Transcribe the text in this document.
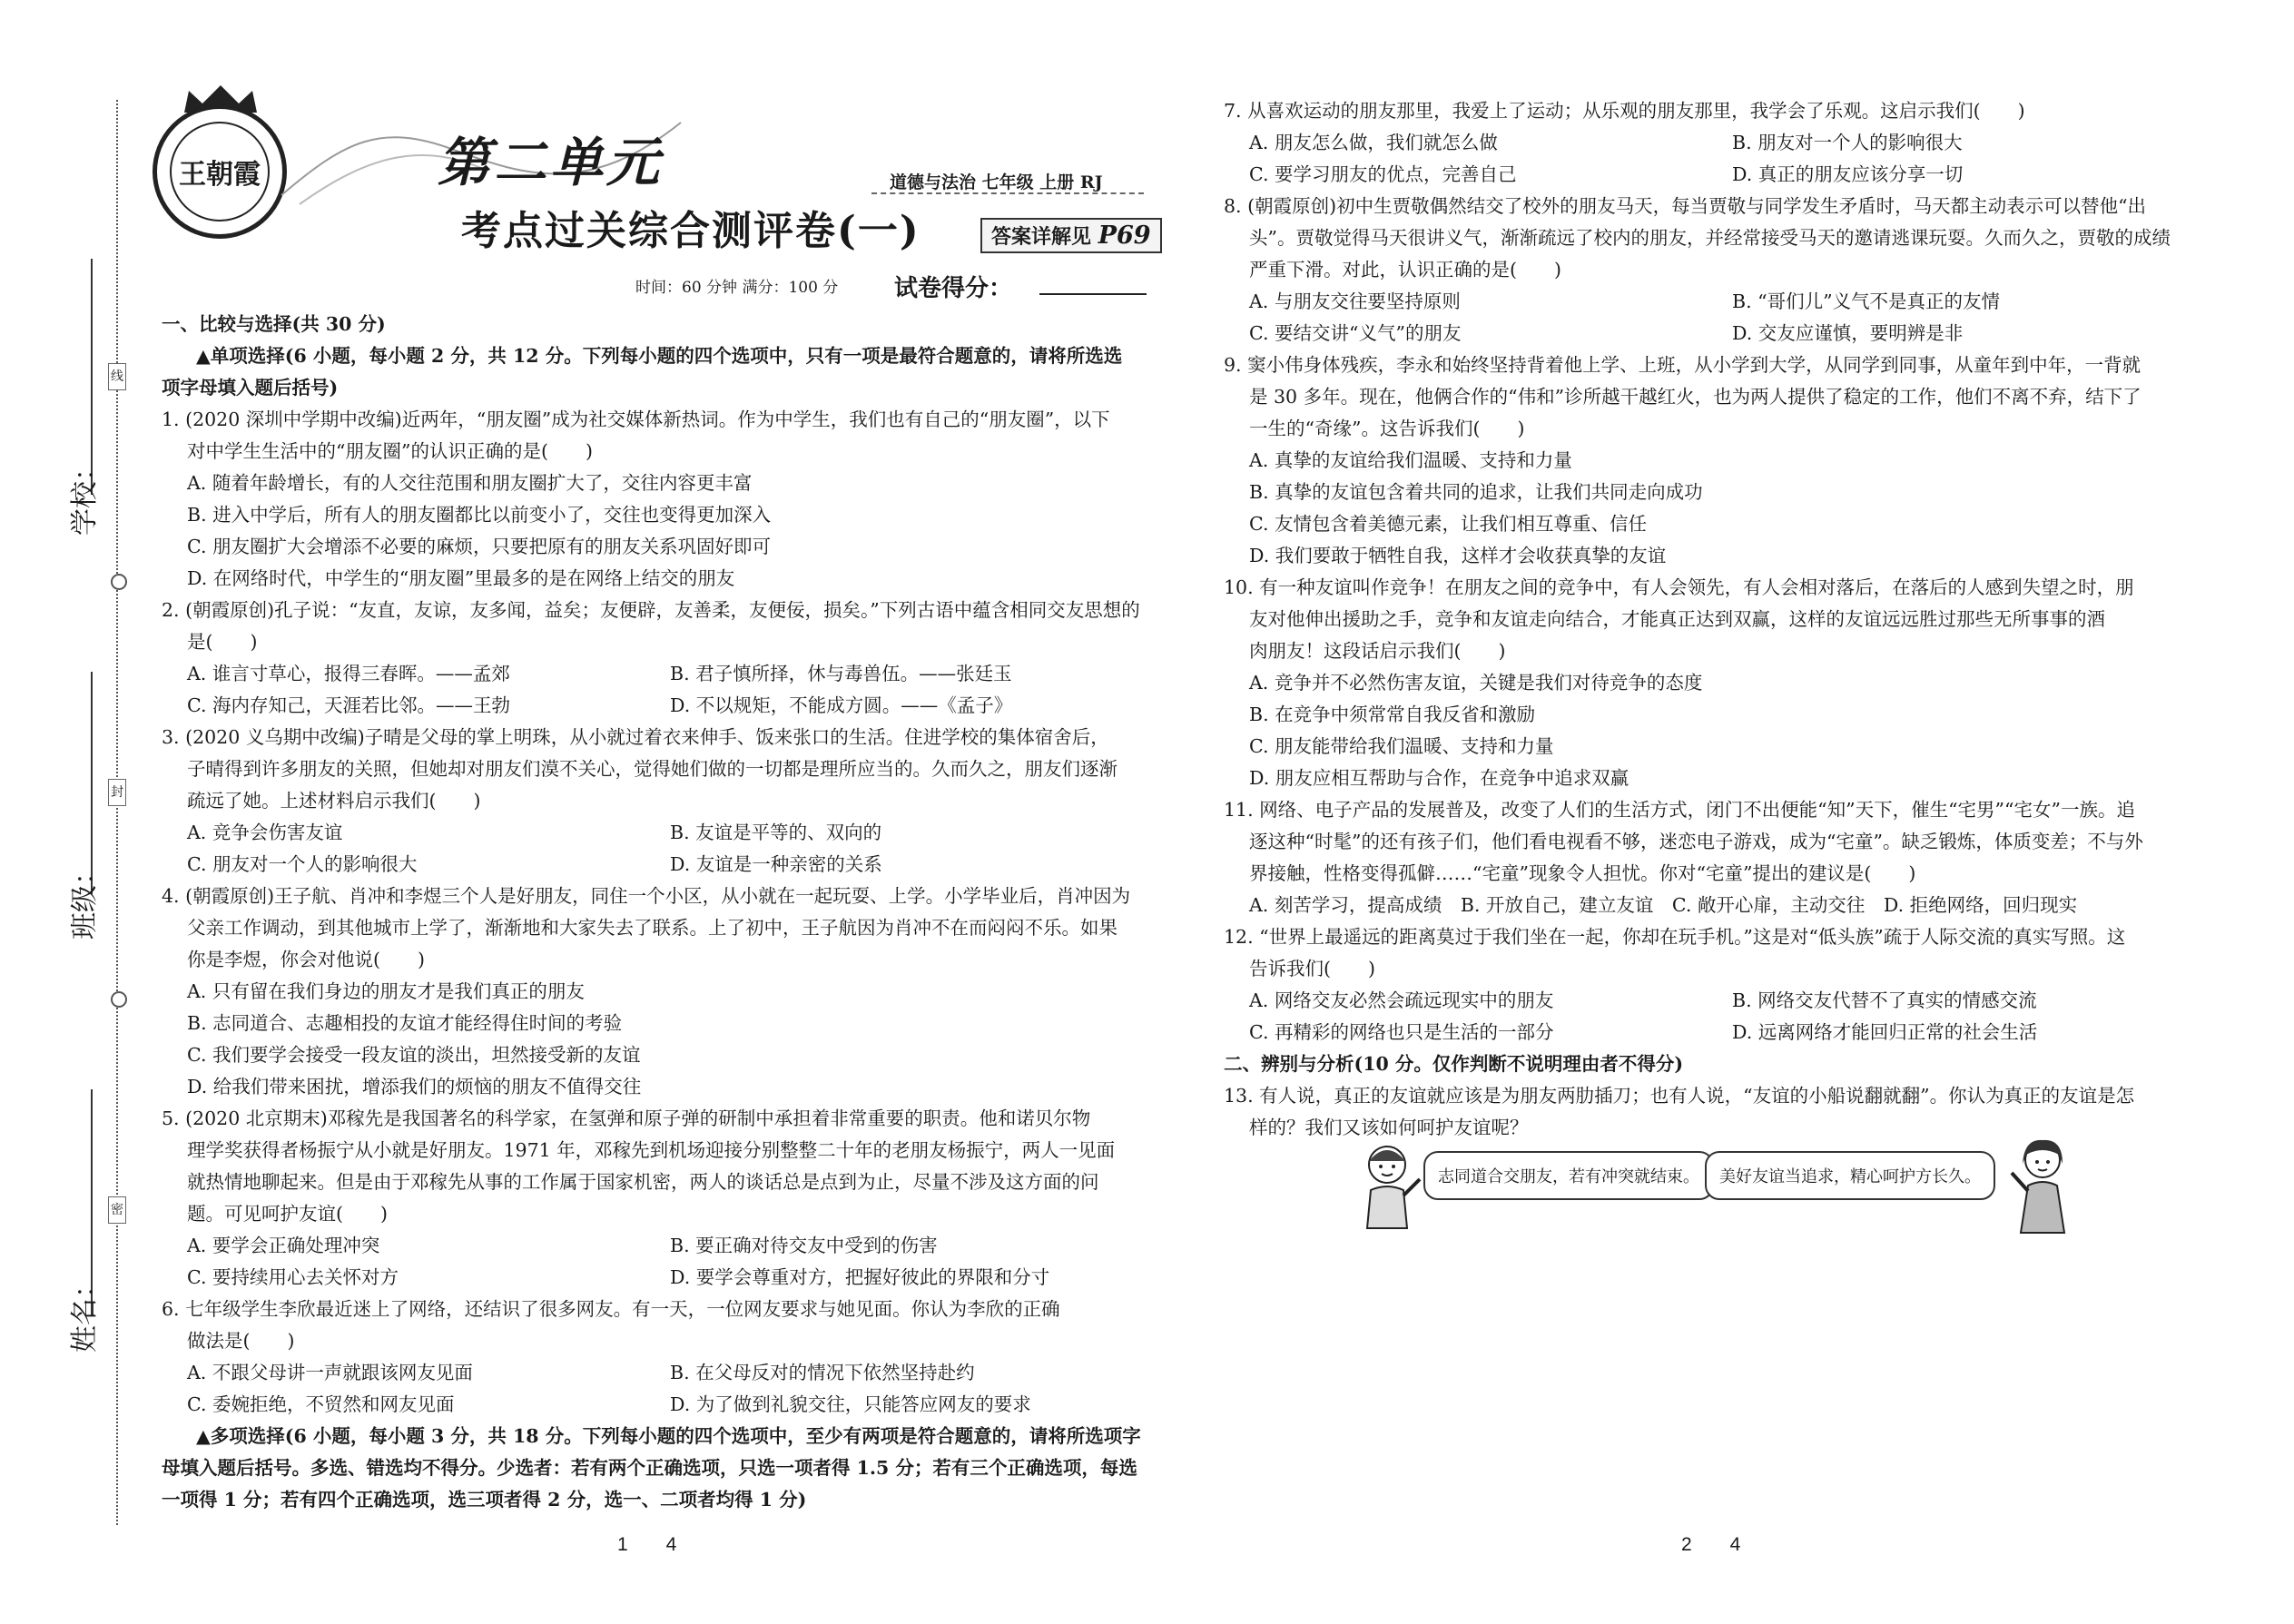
线
封
密
学校：
班级：
姓名：
王朝霞	第二单元	道德与法治 七年级 上册 RJ
考点过关综合测评卷(一)	答案详解见 P69
时间：60 分钟 满分：100 分 试卷得分：
一、比较与选择(共 30 分)
▲单项选择(6 小题，每小题 2 分，共 12 分。下列每小题的四个选项中，只有一项是最符合题意的，请将所选选
项字母填入题后括号)
1. (2020 深圳中学期中改编)近两年，“朋友圈”成为社交媒体新热词。作为中学生，我们也有自己的“朋友圈”，以下
对中学生生活中的“朋友圈”的认识正确的是(　　)
A. 随着年龄增长，有的人交往范围和朋友圈扩大了，交往内容更丰富
B. 进入中学后，所有人的朋友圈都比以前变小了，交往也变得更加深入
C. 朋友圈扩大会增添不必要的麻烦，只要把原有的朋友关系巩固好即可
D. 在网络时代，中学生的“朋友圈”里最多的是在网络上结交的朋友
2. (朝霞原创)孔子说：“友直，友谅，友多闻，益矣；友便辟，友善柔，友便佞，损矣。”下列古语中蕴含相同交友思想的
是(　　)
A. 谁言寸草心，报得三春晖。——孟郊	B. 君子慎所择，休与毒兽伍。——张廷玉
C. 海内存知己，天涯若比邻。——王勃	D. 不以规矩，不能成方圆。——《孟子》
3. (2020 义乌期中改编)子晴是父母的掌上明珠，从小就过着衣来伸手、饭来张口的生活。住进学校的集体宿舍后，
子晴得到许多朋友的关照，但她却对朋友们漠不关心，觉得她们做的一切都是理所应当的。久而久之，朋友们逐渐
疏远了她。上述材料启示我们(　　)
A. 竞争会伤害友谊	B. 友谊是平等的、双向的
C. 朋友对一个人的影响很大	D. 友谊是一种亲密的关系
4. (朝霞原创)王子航、肖冲和李煜三个人是好朋友，同住一个小区，从小就在一起玩耍、上学。小学毕业后，肖冲因为
父亲工作调动，到其他城市上学了，渐渐地和大家失去了联系。上了初中，王子航因为肖冲不在而闷闷不乐。如果
你是李煜，你会对他说(　　)
A. 只有留在我们身边的朋友才是我们真正的朋友
B. 志同道合、志趣相投的友谊才能经得住时间的考验
C. 我们要学会接受一段友谊的淡出，坦然接受新的友谊
D. 给我们带来困扰，增添我们的烦恼的朋友不值得交往
5. (2020 北京期末)邓稼先是我国著名的科学家，在氢弹和原子弹的研制中承担着非常重要的职责。他和诺贝尔物
理学奖获得者杨振宁从小就是好朋友。1971 年，邓稼先到机场迎接分别整整二十年的老朋友杨振宁，两人一见面
就热情地聊起来。但是由于邓稼先从事的工作属于国家机密，两人的谈话总是点到为止，尽量不涉及这方面的问
题。可见呵护友谊(　　)
A. 要学会正确处理冲突	B. 要正确对待交友中受到的伤害
C. 要持续用心去关怀对方	D. 要学会尊重对方，把握好彼此的界限和分寸
6. 七年级学生李欣最近迷上了网络，还结识了很多网友。有一天，一位网友要求与她见面。你认为李欣的正确
做法是(　　)
A. 不跟父母讲一声就跟该网友见面	B. 在父母反对的情况下依然坚持赴约
C. 委婉拒绝，不贸然和网友见面	D. 为了做到礼貌交往，只能答应网友的要求
▲多项选择(6 小题，每小题 3 分，共 18 分。下列每小题的四个选项中，至少有两项是符合题意的，请将所选项字
母填入题后括号。多选、错选均不得分。少选者：若有两个正确选项，只选一项者得 1.5 分；若有三个正确选项，每选
一项得 1 分；若有四个正确选项，选三项者得 2 分，选一、二项者均得 1 分)
1　　4
7. 从喜欢运动的朋友那里，我爱上了运动；从乐观的朋友那里，我学会了乐观。这启示我们(　　)
A. 朋友怎么做，我们就怎么做	B. 朋友对一个人的影响很大
C. 要学习朋友的优点，完善自己	D. 真正的朋友应该分享一切
8. (朝霞原创)初中生贾敬偶然结交了校外的朋友马天，每当贾敬与同学发生矛盾时，马天都主动表示可以替他“出
头”。贾敬觉得马天很讲义气，渐渐疏远了校内的朋友，并经常接受马天的邀请逃课玩耍。久而久之，贾敬的成绩
严重下滑。对此，认识正确的是(　　)
A. 与朋友交往要坚持原则	B. “哥们儿”义气不是真正的友情
C. 要结交讲“义气”的朋友	D. 交友应谨慎，要明辨是非
9. 窦小伟身体残疾，李永和始终坚持背着他上学、上班，从小学到大学，从同学到同事，从童年到中年，一背就
是 30 多年。现在，他俩合作的“伟和”诊所越干越红火，也为两人提供了稳定的工作，他们不离不弃，结下了
一生的“奇缘”。这告诉我们(　　)
A. 真挚的友谊给我们温暖、支持和力量
B. 真挚的友谊包含着共同的追求，让我们共同走向成功
C. 友情包含着美德元素，让我们相互尊重、信任
D. 我们要敢于牺牲自我，这样才会收获真挚的友谊
10. 有一种友谊叫作竞争！在朋友之间的竞争中，有人会领先，有人会相对落后，在落后的人感到失望之时，朋
友对他伸出援助之手，竞争和友谊走向结合，才能真正达到双赢，这样的友谊远远胜过那些无所事事的酒
肉朋友！这段话启示我们(　　)
A. 竞争并不必然伤害友谊，关键是我们对待竞争的态度
B. 在竞争中须常常自我反省和激励
C. 朋友能带给我们温暖、支持和力量
D. 朋友应相互帮助与合作，在竞争中追求双赢
11. 网络、电子产品的发展普及，改变了人们的生活方式，闭门不出便能“知”天下，催生“宅男”“宅女”一族。追
逐这种“时髦”的还有孩子们，他们看电视看不够，迷恋电子游戏，成为“宅童”。缺乏锻炼，体质变差；不与外
界接触，性格变得孤僻……“宅童”现象令人担忧。你对“宅童”提出的建议是(　　)
A. 刻苦学习，提高成绩　B. 开放自己，建立友谊　C. 敞开心扉，主动交往　D. 拒绝网络，回归现实
12. “世界上最遥远的距离莫过于我们坐在一起，你却在玩手机。”这是对“低头族”疏于人际交流的真实写照。这
告诉我们(　　)
A. 网络交友必然会疏远现实中的朋友	B. 网络交友代替不了真实的情感交流
C. 再精彩的网络也只是生活的一部分	D. 远离网络才能回归正常的社会生活
二、辨别与分析(10 分。仅作判断不说明理由者不得分)
13. 有人说，真正的友谊就应该是为朋友两肋插刀；也有人说，“友谊的小船说翻就翻”。你认为真正的友谊是怎
样的？我们又该如何呵护友谊呢？
志同道合交朋友，若有冲突就结束。	美好友谊当追求，精心呵护方长久。
2　　4
